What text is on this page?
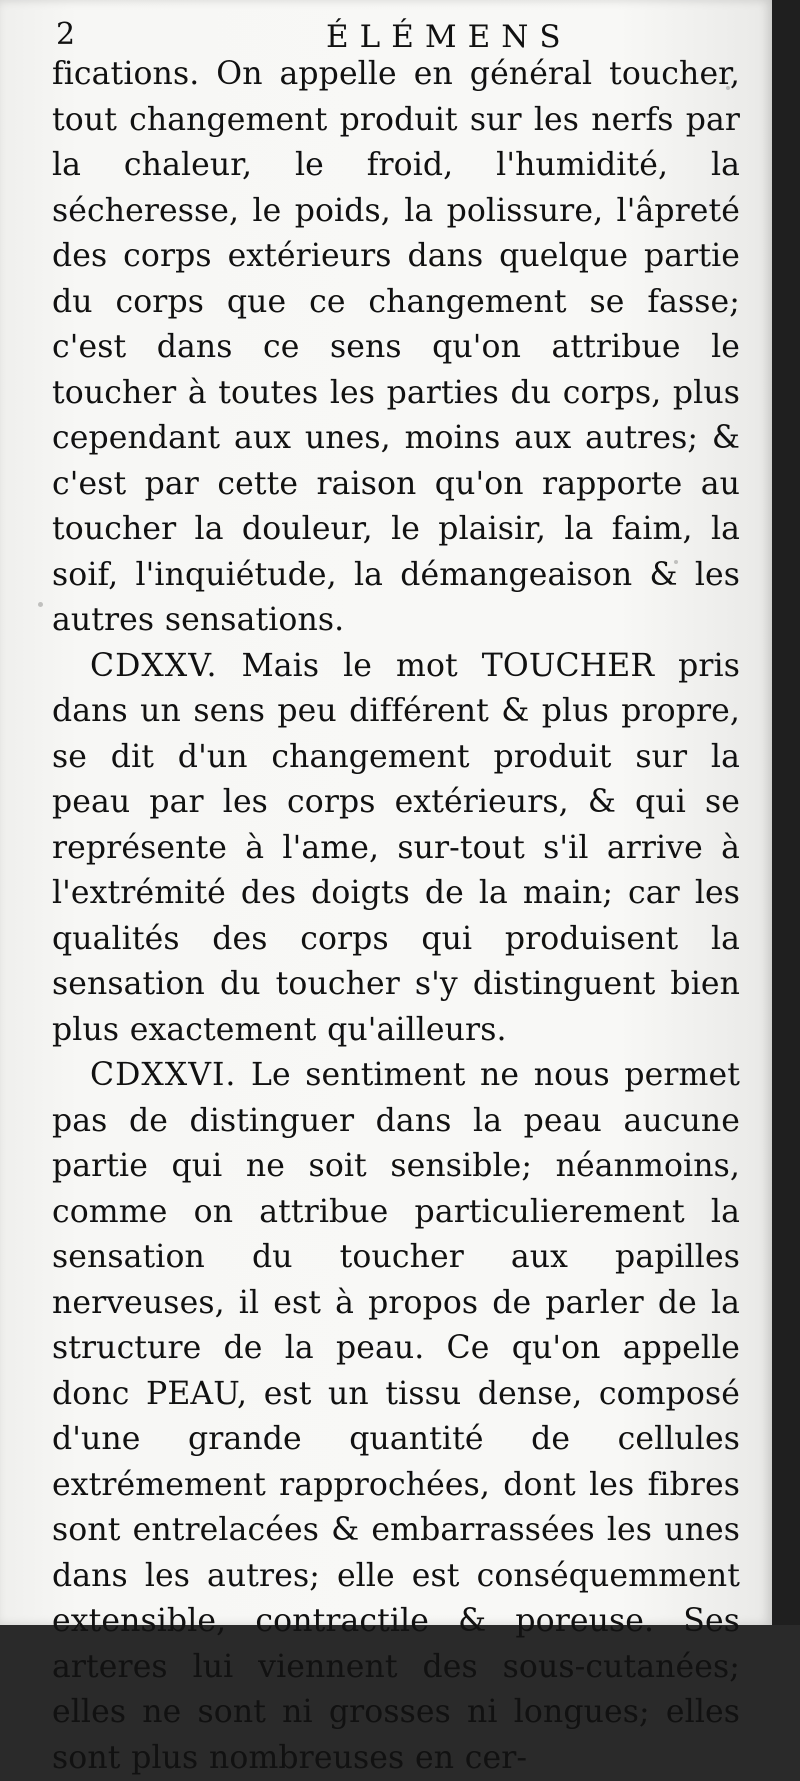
2	ÉLÉMENS

fications. On appelle en général toucher, tout changement produit sur les nerfs par la chaleur, le froid, l'humidité, la sécheresse, le poids, la polissure, l'âpreté des corps extérieurs dans quelque partie du corps que ce changement se fasse; c'est dans ce sens qu'on attribue le toucher à toutes les parties du corps, plus cependant aux unes, moins aux autres; & c'est par cette raison qu'on rapporte au toucher la douleur, le plaisir, la faim, la soif, l'inquiétude, la démangeaison & les autres sensations.

CDXXV. Mais le mot TOUCHER pris dans un sens peu différent & plus propre, se dit d'un changement produit sur la peau par les corps extérieurs, & qui se représente à l'ame, sur-tout s'il arrive à l'extrémité des doigts de la main; car les qualités des corps qui produisent la sensation du toucher s'y distinguent bien plus exactement qu'ailleurs.

CDXXVI. Le sentiment ne nous permet pas de distinguer dans la peau aucune partie qui ne soit sensible; néanmoins, comme on attribue particulierement la sensation du toucher aux papilles nerveuses, il est à propos de parler de la structure de la peau. Ce qu'on appelle donc PEAU, est un tissu dense, composé d'une grande quantité de cellules extrémement rapprochées, dont les fibres sont entrelacées & embarrassées les unes dans les autres; elle est conséquemment extensible, contractile & poreuse. Ses arteres lui viennent des sous-cutanées; elles ne sont ni grosses ni longues; elles sont plus nombreuses en cer-
